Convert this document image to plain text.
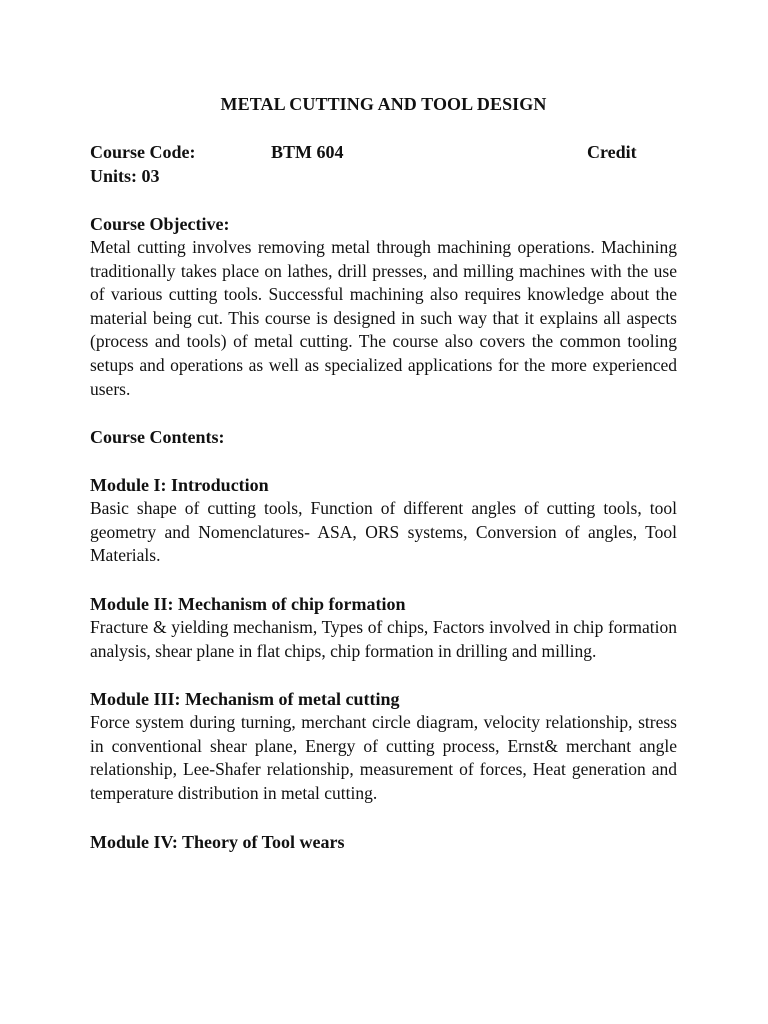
METAL CUTTING AND TOOL DESIGN
Course Code:	BTM 604	Credit
Units: 03
Course Objective:

Metal cutting involves removing metal through machining operations. Machining traditionally takes place on lathes, drill presses, and milling machines with the use of various cutting tools. Successful machining also requires knowledge about the material being cut. This course is designed in such way that it explains all aspects (process and tools) of metal cutting. The course also covers the common tooling setups and operations as well as specialized applications for the more experienced users.

Course Contents:
Module I: Introduction

Basic shape of cutting tools, Function of different angles of cutting tools, tool geometry and Nomenclatures- ASA, ORS systems, Conversion of angles, Tool Materials.

Module II: Mechanism of chip formation

Fracture & yielding mechanism, Types of chips, Factors involved in chip formation analysis, shear plane in flat chips, chip formation in drilling and milling.

Module III: Mechanism of metal cutting

Force system during turning, merchant circle diagram, velocity relationship, stress in conventional shear plane, Energy of cutting process, Ernst& merchant angle relationship, Lee-Shafer relationship, measurement of forces, Heat generation and temperature distribution in metal cutting.

Module IV: Theory of Tool wears
